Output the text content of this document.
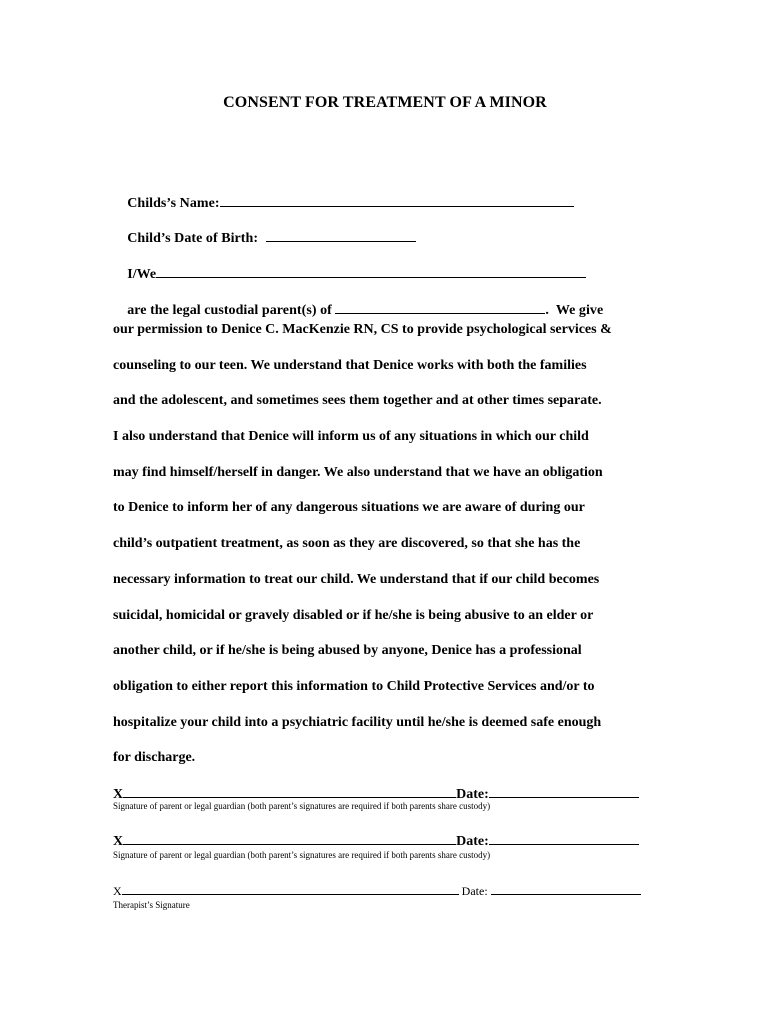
CONSENT FOR TREATMENT OF A MINOR

Childs’s Name:

Child’s Date of Birth:

I/We

are the legal custodial parent(s) of	.  We give

our permission to Denice C. MacKenzie RN, CS to provide psychological services &
counseling to our teen. We understand that Denice works with both the families
and the adolescent, and sometimes sees them together and at other times separate.
I also understand that Denice will inform us of any situations in which our child
may find himself/herself in danger. We also understand that we have an obligation
to Denice to inform her of any dangerous situations we are aware of during our
child’s outpatient treatment, as soon as they are discovered, so that she has the
necessary information to treat our child. We understand that if our child becomes
suicidal, homicidal or gravely disabled or if he/she is being abusive to an elder or
another child, or if he/she is being abused by anyone, Denice has a professional
obligation to either report this information to Child Protective Services and/or to
hospitalize your child into a psychiatric facility until he/she is deemed safe enough
for discharge.
X	Date:
Signature of parent or legal guardian (both parent’s signatures are required if both parents share custody)
X	Date:
Signature of parent or legal guardian (both parent’s signatures are required if both parents share custody)
X	Date:
Therapist’s Signature
